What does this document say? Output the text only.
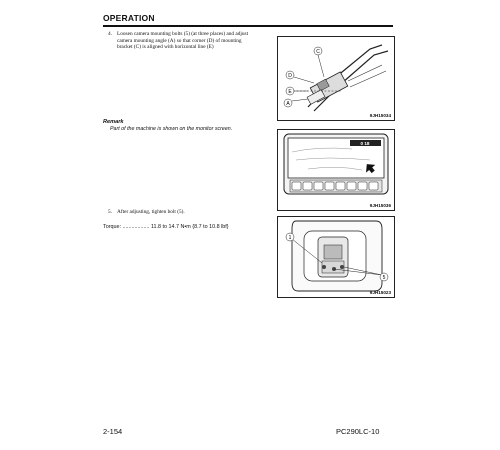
OPERATION
4. Loosen camera mounting bolts (5) (at three places) and adjust camera mounting angle (A) so that corner (D) of mounting bracket (C) is aligned with horizontal line (E)
Remark
Part of the machine is shown on the monitor screen.
5. After adjusting, tighten bolt (5).
Torque: .................. 11.8 to 14.7 N•m {8.7 to 10.8 lbf}
C
D
E
A
9JH15034
0 18
9JH15036
1
5
9JH15023
2-154	PC290LC-10
